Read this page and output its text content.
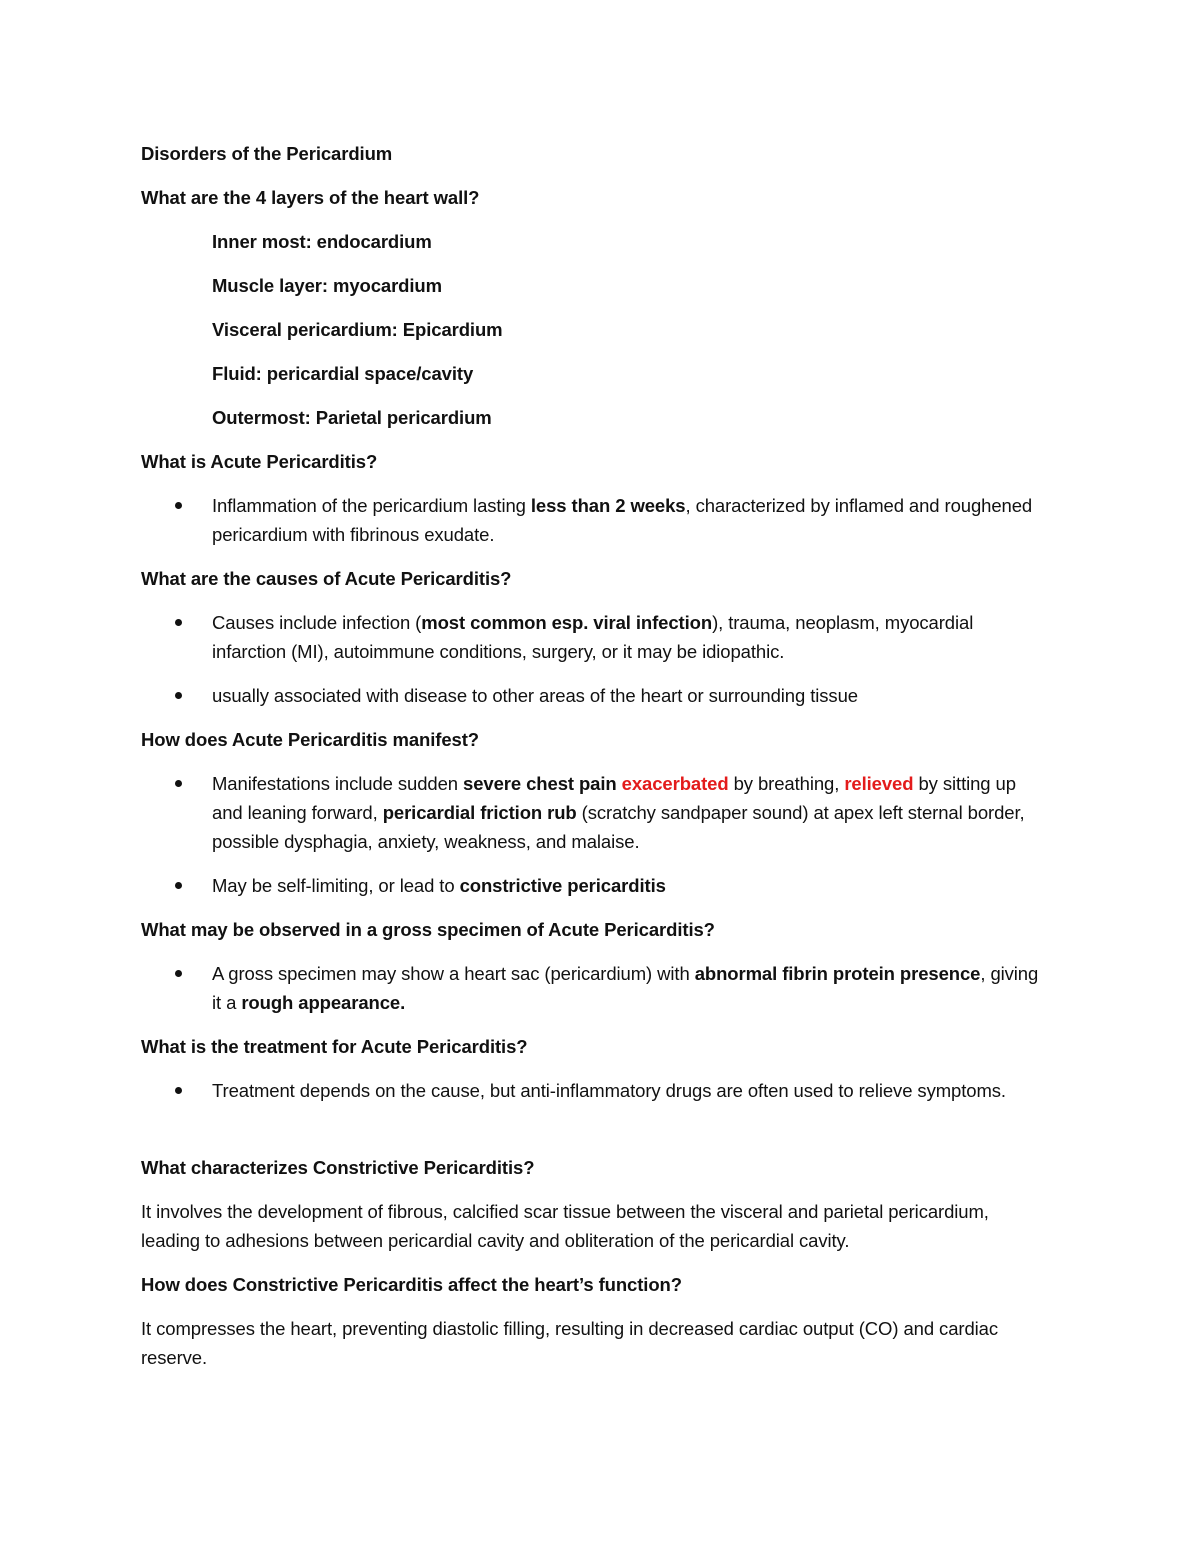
Disorders of the Pericardium

What are the 4 layers of the heart wall?

Inner most: endocardium

Muscle layer: myocardium

Visceral pericardium: Epicardium

Fluid: pericardial space/cavity

Outermost: Parietal pericardium

What is Acute Pericarditis?

Inflammation of the pericardium lasting less than 2 weeks, characterized by inflamed and roughened pericardium with fibrinous exudate.

What are the causes of Acute Pericarditis?

Causes include infection (most common esp. viral infection), trauma, neoplasm, myocardial infarction (MI), autoimmune conditions, surgery, or it may be idiopathic.
usually associated with disease to other areas of the heart or surrounding tissue

How does Acute Pericarditis manifest?

Manifestations include sudden severe chest pain exacerbated by breathing, relieved by sitting up and leaning forward, pericardial friction rub (scratchy sandpaper sound) at apex left sternal border, possible dysphagia, anxiety, weakness, and malaise.
May be self-limiting, or lead to constrictive pericarditis

What may be observed in a gross specimen of Acute Pericarditis?

A gross specimen may show a heart sac (pericardium) with abnormal fibrin protein presence, giving it a rough appearance.

What is the treatment for Acute Pericarditis?

Treatment depends on the cause, but anti-inflammatory drugs are often used to relieve symptoms.

What characterizes Constrictive Pericarditis?

It involves the development of fibrous, calcified scar tissue between the visceral and parietal pericardium, leading to adhesions between pericardial cavity and obliteration of the pericardial cavity.

How does Constrictive Pericarditis affect the heart’s function?

It compresses the heart, preventing diastolic filling, resulting in decreased cardiac output (CO) and cardiac reserve.
